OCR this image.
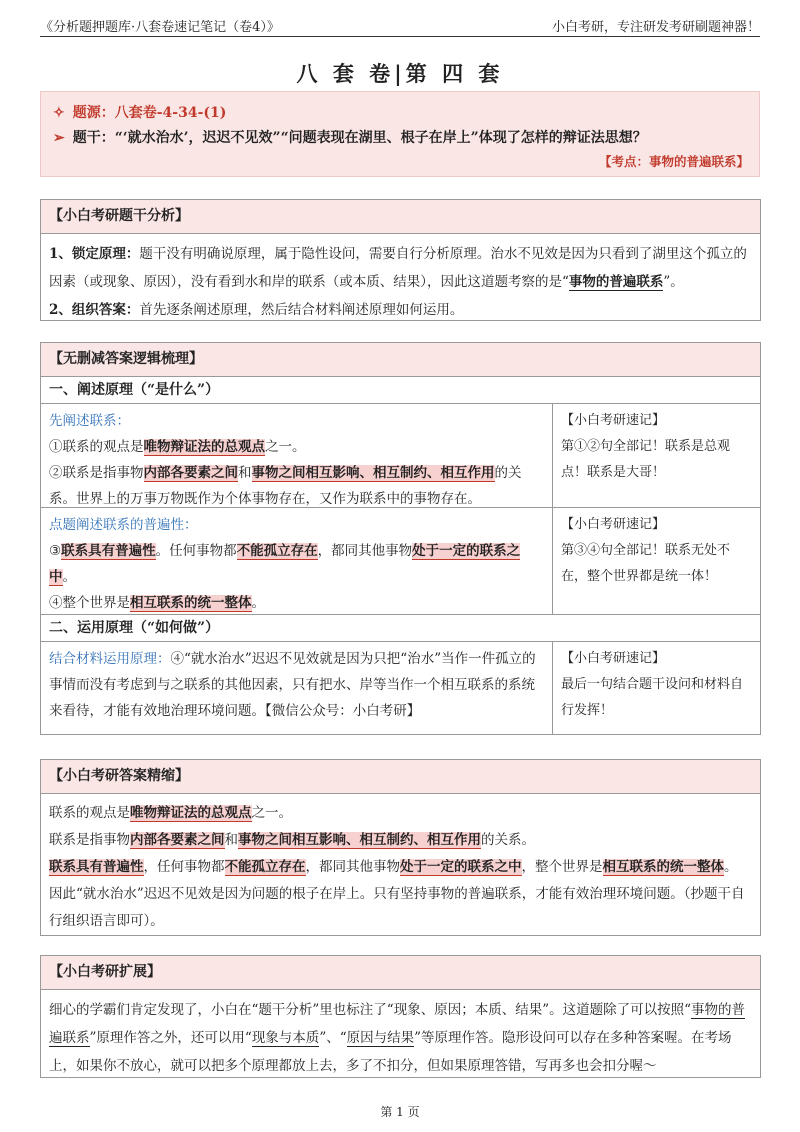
《分析题押题库·八套卷速记笔记（卷4）》	小白考研，专注研发考研刷题神器！
八 套 卷|第 四 套
✧ 题源：八套卷-4-34-(1)
➢ 题干：“‘就水治水’，迟迟不见效”“问题表现在湖里、根子在岸上”体现了怎样的辩证法思想？
【考点：事物的普遍联系】
【小白考研题干分析】
1、锁定原理：题干没有明确说原理，属于隐性设问，需要自行分析原理。治水不见效是因为只看到了湖里这个孤立的因素（或现象、原因），没有看到水和岸的联系（或本质、结果），因此这道题考察的是“事物的普遍联系”。
2、组织答案：首先逐条阐述原理，然后结合材料阐述原理如何运用。
【无删减答案逻辑梳理】
一、阐述原理（“是什么”）
先阐述联系：
①联系的观点是唯物辩证法的总观点之一。
②联系是指事物内部各要素之间和事物之间相互影响、相互制约、相互作用的关系。世界上的万事万物既作为个体事物存在，又作为联系中的事物存在。
【小白考研速记】
第①②句全部记！联系是总观点！联系是大哥！
点题阐述联系的普遍性：
③联系具有普遍性。任何事物都不能孤立存在，都同其他事物处于一定的联系之中。
④整个世界是相互联系的统一整体。
【小白考研速记】
第③④句全部记！联系无处不在，整个世界都是统一体！
二、运用原理（“如何做”）
结合材料运用原理：④“就水治水”迟迟不见效就是因为只把“治水”当作一件孤立的事情而没有考虑到与之联系的其他因素，只有把水、岸等当作一个相互联系的系统来看待，才能有效地治理环境问题。【微信公众号：小白考研】
【小白考研速记】
最后一句结合题干设问和材料自行发挥！
【小白考研答案精缩】
联系的观点是唯物辩证法的总观点之一。
联系是指事物内部各要素之间和事物之间相互影响、相互制约、相互作用的关系。
联系具有普遍性，任何事物都不能孤立存在，都同其他事物处于一定的联系之中，整个世界是相互联系的统一整体。
因此“就水治水”迟迟不见效是因为问题的根子在岸上。只有坚持事物的普遍联系，才能有效治理环境问题。（抄题干自行组织语言即可）。
【小白考研扩展】
细心的学霸们肯定发现了，小白在“题干分析”里也标注了“现象、原因；本质、结果”。这道题除了可以按照“事物的普遍联系”原理作答之外，还可以用“现象与本质”、“原因与结果”等原理作答。隐形设问可以存在多种答案喔。在考场上，如果你不放心，就可以把多个原理都放上去，多了不扣分，但如果原理答错，写再多也会扣分喔～
第 1 页
